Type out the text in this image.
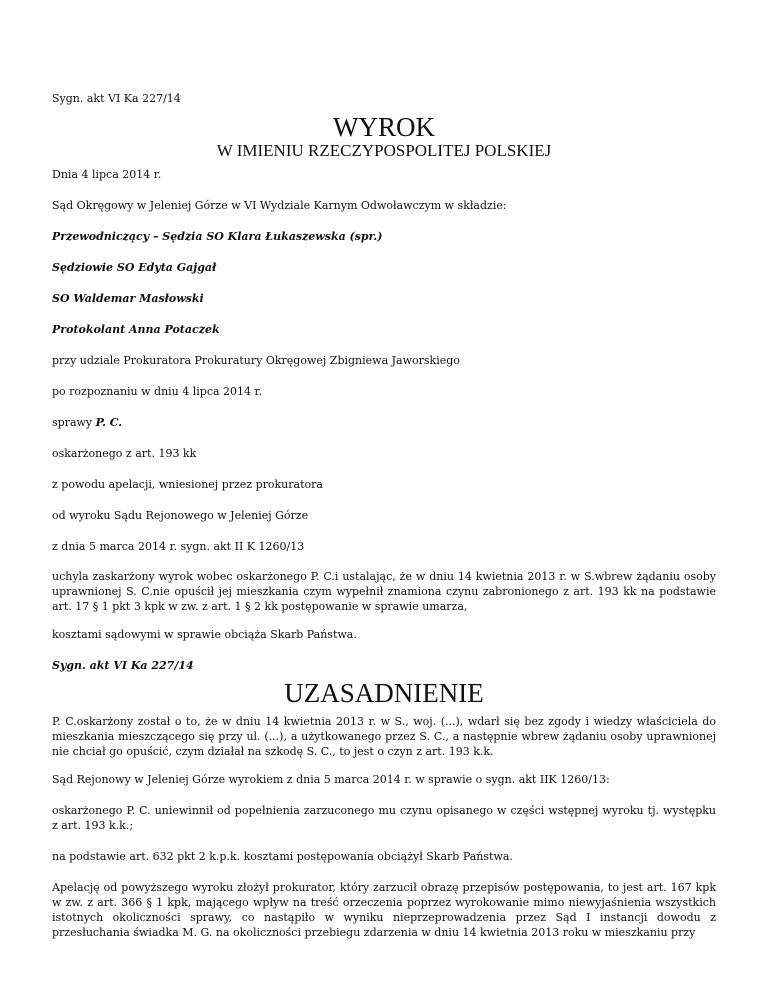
Sygn. akt VI Ka 227/14

WYROK
W IMIENIU RZECZYPOSPOLITEJ POLSKIEJ

Dnia 4 lipca 2014 r.

Sąd Okręgowy w Jeleniej Górze w VI Wydziale Karnym Odwoławczym w składzie:

Przewodniczący – Sędzia SO Klara Łukaszewska (spr.)

Sędziowie SO Edyta Gajgał

SO Waldemar Masłowski

Protokolant Anna Potaczek

przy udziale Prokuratora Prokuratury Okręgowej Zbigniewa Jaworskiego

po rozpoznaniu w dniu 4 lipca 2014 r.

sprawy P. C.

oskarżonego z art. 193 kk

z powodu apelacji, wniesionej przez prokuratora

od wyroku Sądu Rejonowego w Jeleniej Górze

z dnia 5 marca 2014 r. sygn. akt II K 1260/13

uchyla zaskarżony wyrok wobec oskarżonego P. C.i ustalając, że w dniu 14 kwietnia 2013 r. w S.wbrew żądaniu osoby uprawnionej S. C.nie opuścił jej mieszkania czym wypełnił znamiona czynu zabronionego z art. 193 kk na podstawie art. 17 § 1 pkt 3 kpk w zw. z art. 1 § 2 kk postępowanie w sprawie umarza,

kosztami sądowymi w sprawie obciąża Skarb Państwa.

Sygn. akt VI Ka 227/14

UZASADNIENIE

P. C.oskarżony został o to, że w dniu 14 kwietnia 2013 r. w S., woj. (...), wdarł się bez zgody i wiedzy właściciela do mieszkania mieszczącego się przy ul. (...), a użytkowanego przez S. C., a następnie wbrew żądaniu osoby uprawnionej nie chciał go opuścić, czym działał na szkodę S. C., to jest o czyn z art. 193 k.k.

Sąd Rejonowy w Jeleniej Górze wyrokiem z dnia 5 marca 2014 r. w sprawie o sygn. akt IIK 1260/13:

oskarżonego P. C. uniewinnił od popełnienia zarzuconego mu czynu opisanego w części wstępnej wyroku tj. występku z art. 193 k.k.;

na podstawie art. 632 pkt 2 k.p.k. kosztami postępowania obciążył Skarb Państwa.

Apelację od powyższego wyroku złożył prokurator, który zarzucił obrazę przepisów postępowania, to jest art. 167 kpk w zw. z art. 366 § 1 kpk, mającego wpływ na treść orzeczenia poprzez wyrokowanie mimo niewyjaśnienia wszystkich istotnych okoliczności sprawy, co nastąpiło w wyniku nieprzeprowadzenia przez Sąd I instancji dowodu z przesłuchania świadka M. G. na okoliczności przebiegu zdarzenia w dniu 14 kwietnia 2013 roku w mieszkaniu przy
